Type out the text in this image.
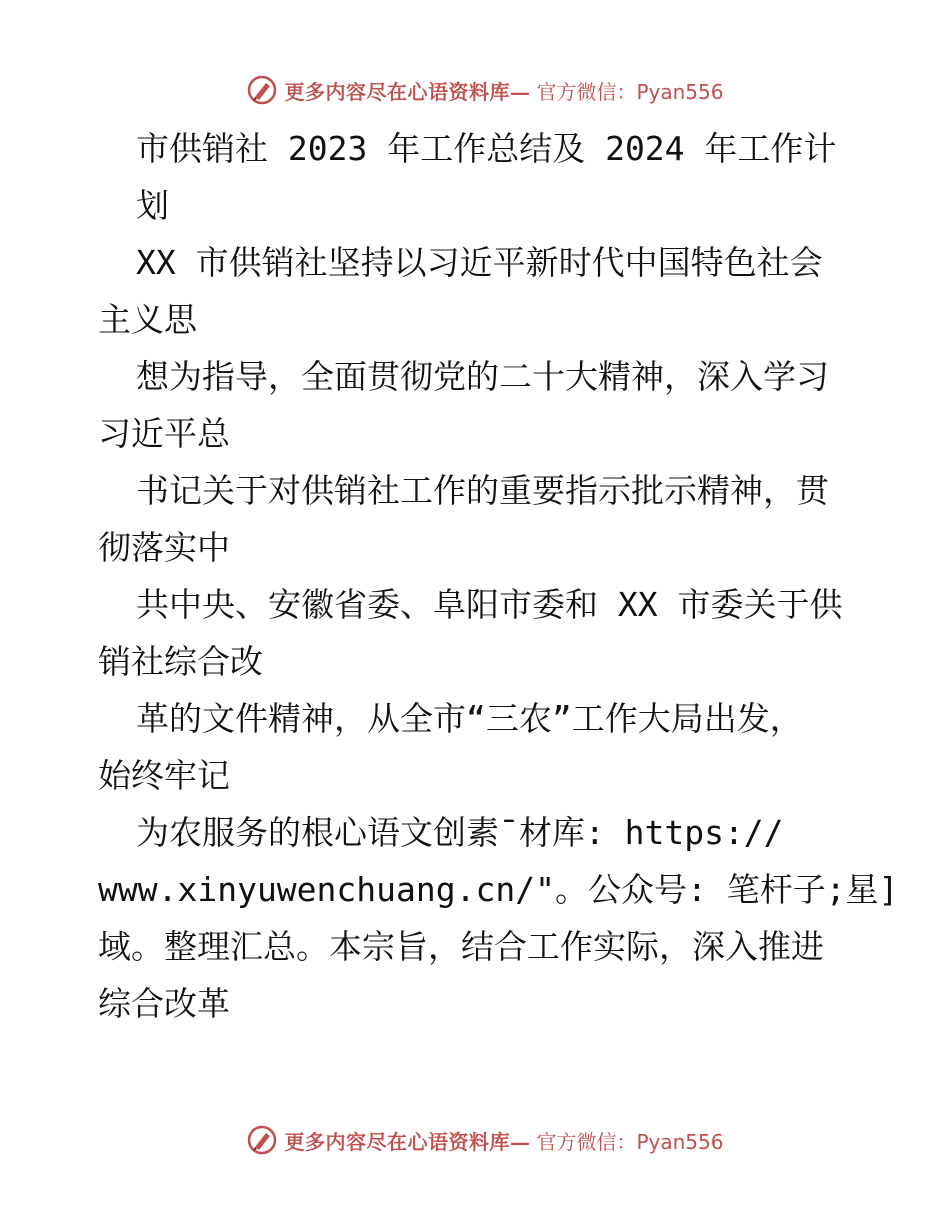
更多内容尽在心语资料库— 官方微信：Pyan556
市供销社 2023 年工作总结及 2024 年工作计
划
XX 市供销社坚持以习近平新时代中国特色社会
主义思
想为指导，全面贯彻党的二十大精神，深入学习
习近平总
书记关于对供销社工作的重要指示批示精神，贯
彻落实中
共中央、安徽省委、阜阳市委和 XX 市委关于供
销社综合改
革的文件精神，从全市“三农”工作大局出发，
始终牢记
为农服务的根心语文创素¯材库: https://
www.xinyuwenchuang.cn/"。公众号: 笔杆子;星]
域。整理汇总。本宗旨，结合工作实际，深入推进
综合改革
更多内容尽在心语资料库— 官方微信：Pyan556
